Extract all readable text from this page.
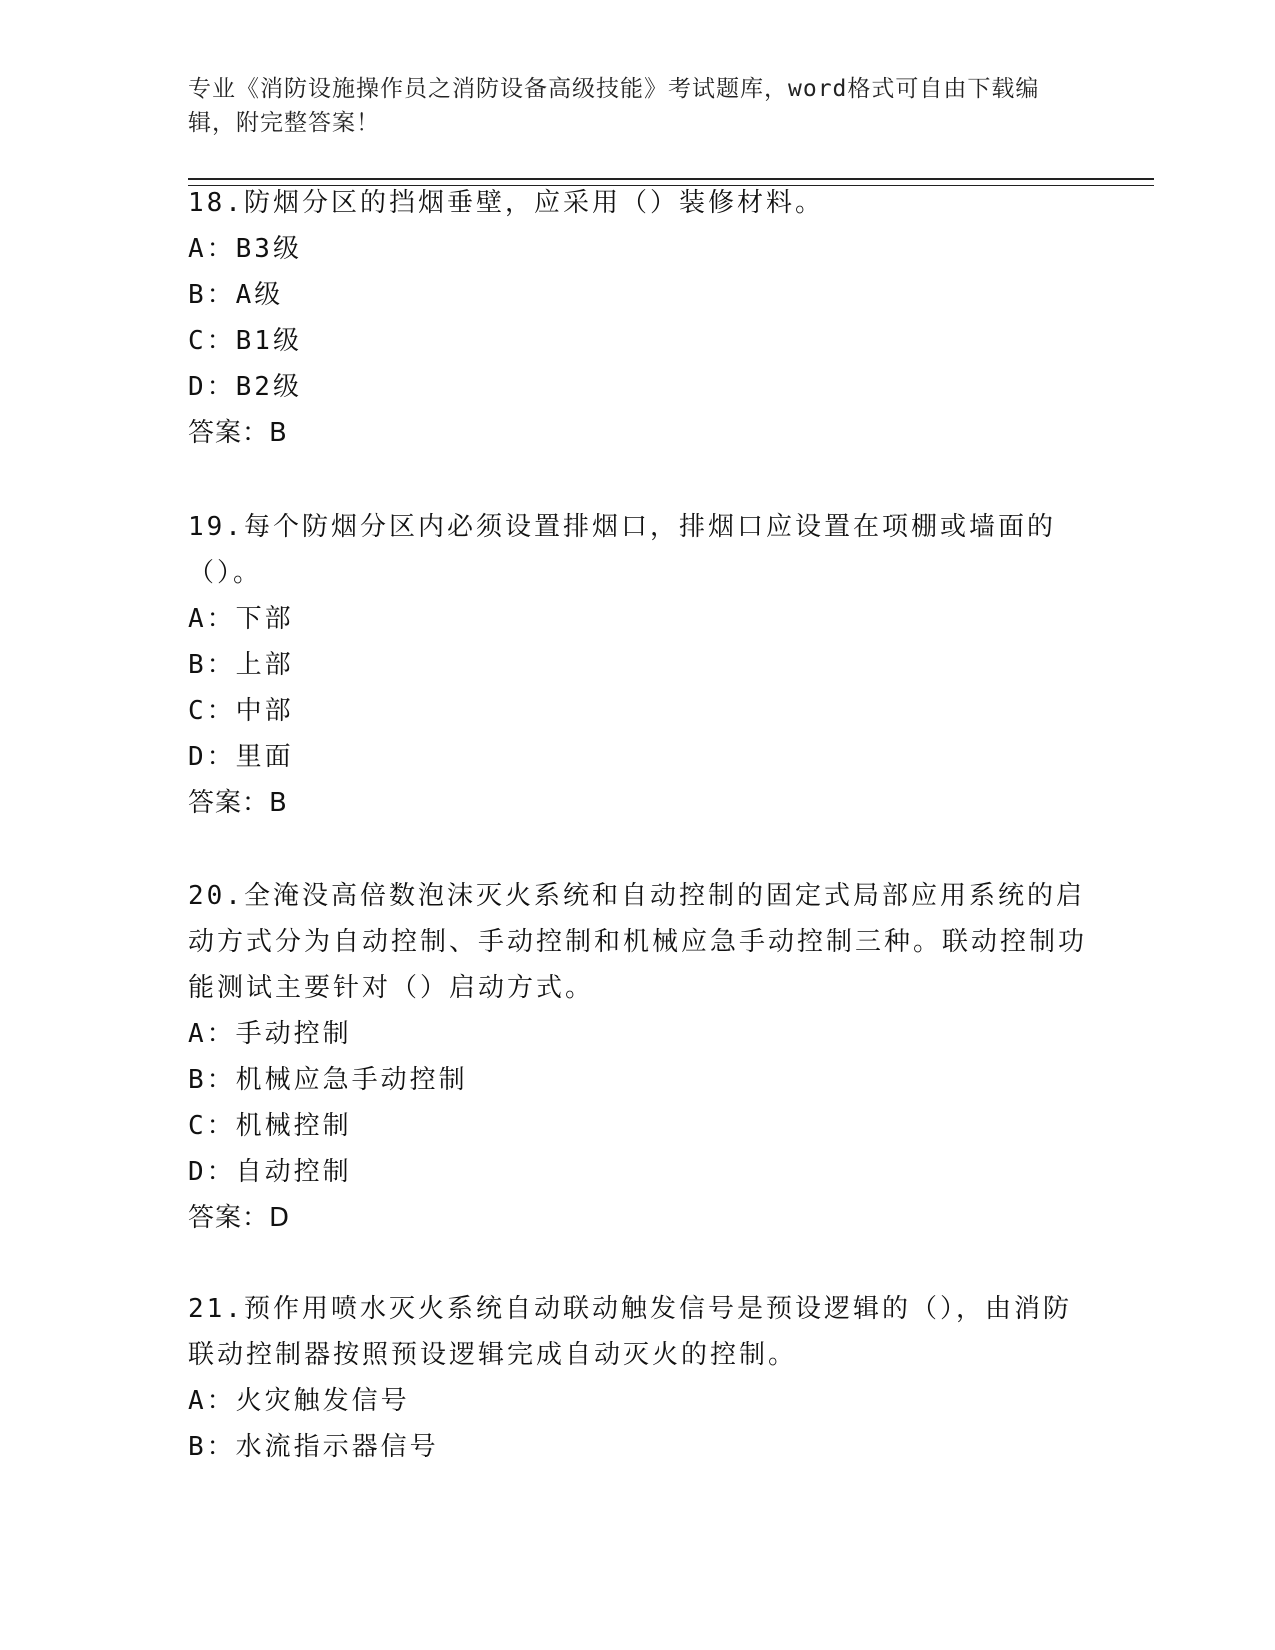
专业《消防设施操作员之消防设备高级技能》考试题库，word格式可自由下载编辑，附完整答案！
18.防烟分区的挡烟垂壁，应采用（）装修材料。
A：B3级
B：A级
C：B1级
D：B2级
答案：B
19.每个防烟分区内必须设置排烟口，排烟口应设置在项棚或墙面的（）。
A：下部
B：上部
C：中部
D：里面
答案：B
20.全淹没高倍数泡沫灭火系统和自动控制的固定式局部应用系统的启动方式分为自动控制、手动控制和机械应急手动控制三种。联动控制功能测试主要针对（）启动方式。
A：手动控制
B：机械应急手动控制
C：机械控制
D：自动控制
答案：D
21.预作用喷水灭火系统自动联动触发信号是预设逻辑的（），由消防联动控制器按照预设逻辑完成自动灭火的控制。
A：火灾触发信号
B：水流指示器信号
